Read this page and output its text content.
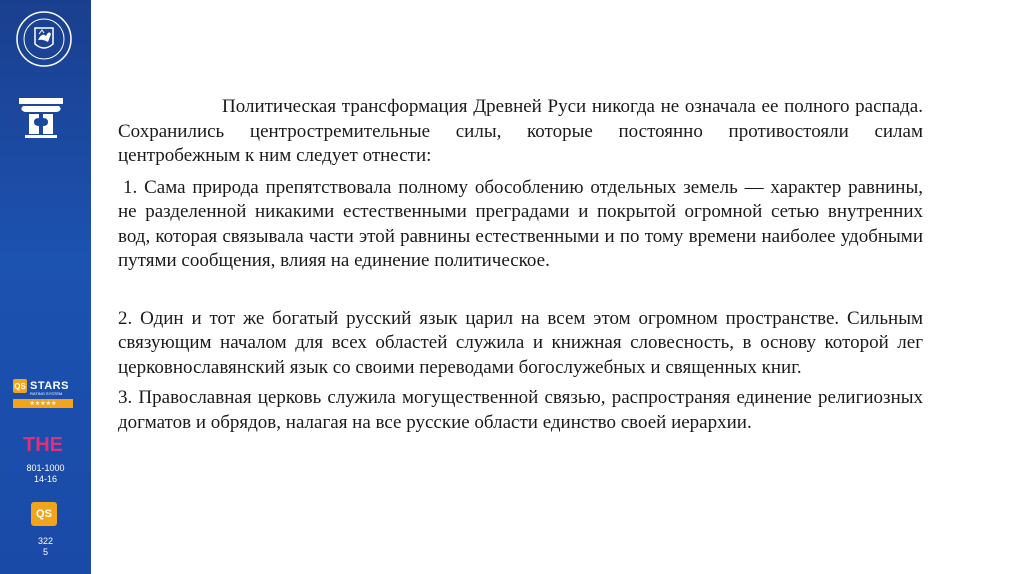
QS STARS
RATING SYSTEM
★★★★★
THE
801-1000
14-16
QS
322
5

Политическая трансформация Древней Руси никогда не означала ее полного распада. Сохранились центростремительные силы, которые постоянно противостояли силам центробежным к ним следует отнести:

1. Сама природа препятствовала полному обособлению отдельных земель — характер равнины, не разделенной никакими естественными преградами и покрытой огромной сетью внутренних вод, которая связывала части этой равнины естественными и по тому времени наиболее удобными путями сообщения, влияя на единение политическое.

2. Один и тот же богатый русский язык царил на всем этом огромном пространстве. Сильным связующим началом для всех областей служила и книжная словесность, в основу которой лег церковнославянский язык со своими переводами богослужебных и священных книг.

3. Православная церковь служила могущественной связью, распространяя единение религиозных догматов и обрядов, налагая на все русские области единство своей иерархии.
